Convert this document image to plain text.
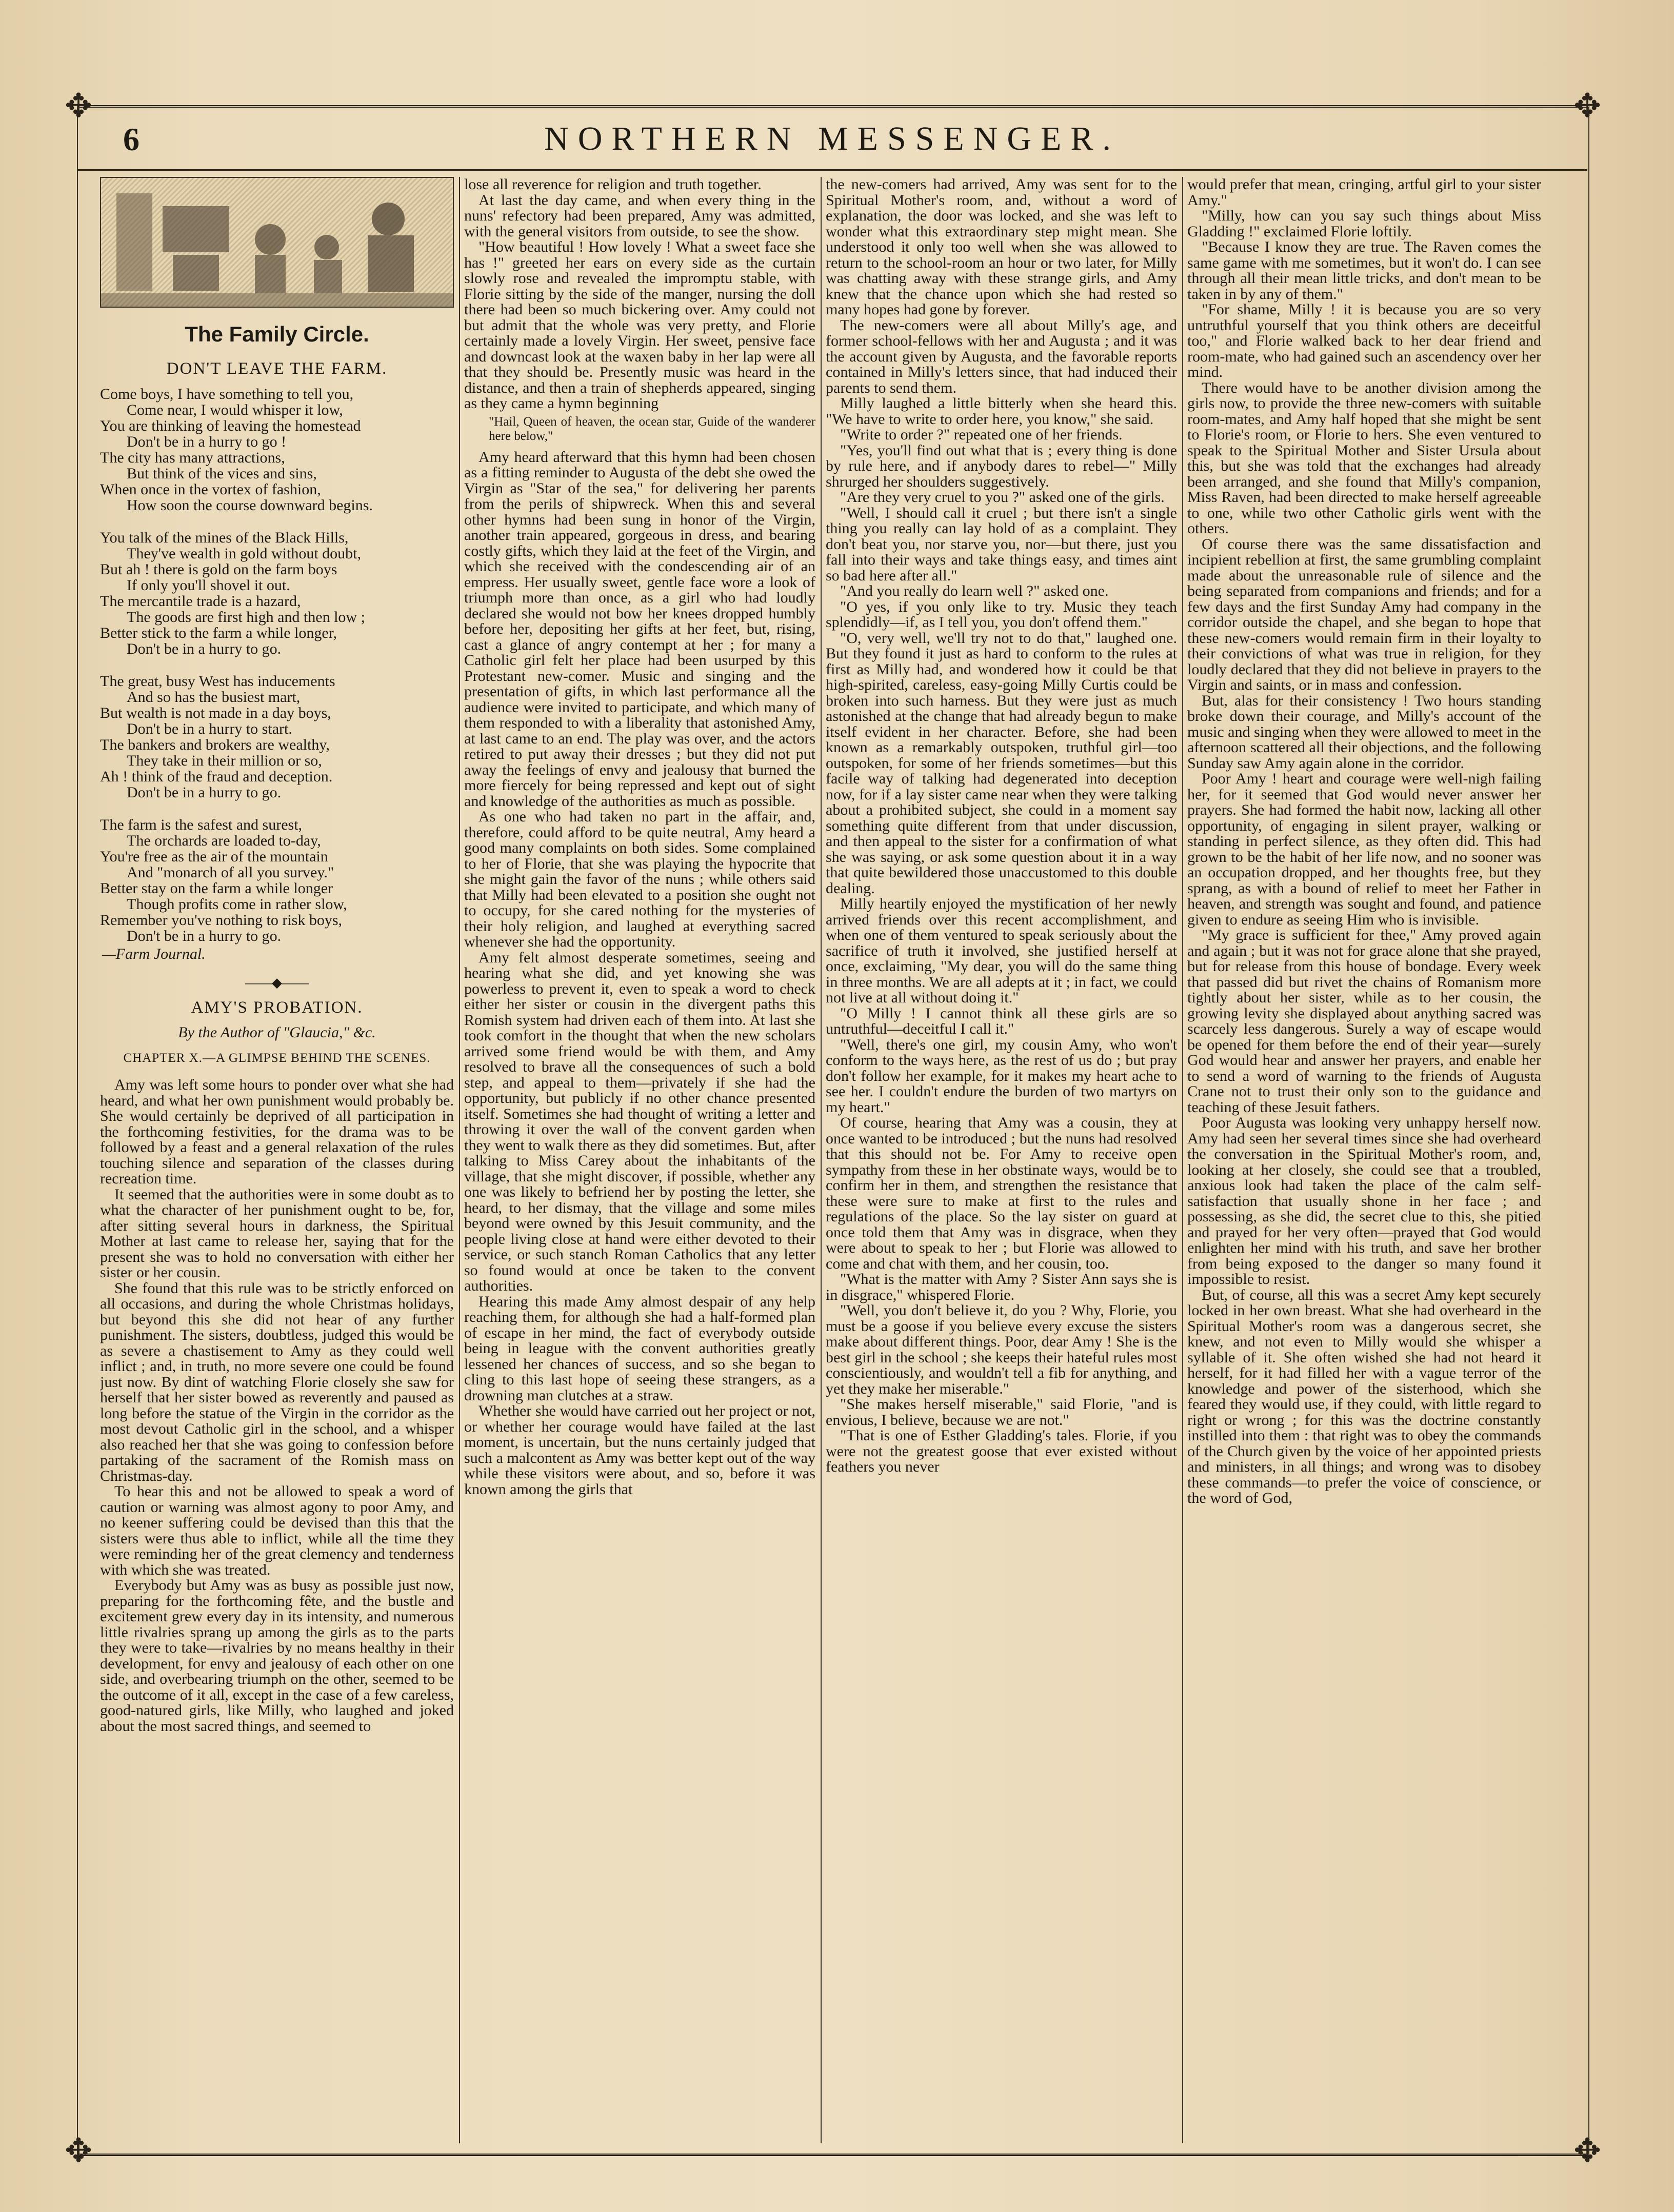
✥	✥
✥	✥
6	NORTHERN MESSENGER.
The Family Circle.
DON'T LEAVE THE FARM.
Come boys, I have something to tell you,
Come near, I would whisper it low,
You are thinking of leaving the homestead
Don't be in a hurry to go !
The city has many attractions,
But think of the vices and sins,
When once in the vortex of fashion,
How soon the course downward begins.
You talk of the mines of the Black Hills,
They've wealth in gold without doubt,
But ah ! there is gold on the farm boys
If only you'll shovel it out.
The mercantile trade is a hazard,
The goods are first high and then low ;
Better stick to the farm a while longer,
Don't be in a hurry to go.
The great, busy West has inducements
And so has the busiest mart,
But wealth is not made in a day boys,
Don't be in a hurry to start.
The bankers and brokers are wealthy,
They take in their million or so,
Ah ! think of the fraud and deception.
Don't be in a hurry to go.
The farm is the safest and surest,
The orchards are loaded to-day,
You're free as the air of the mountain
And "monarch of all you survey."
Better stay on the farm a while longer
Though profits come in rather slow,
Remember you've nothing to risk boys,
Don't be in a hurry to go.
—Farm Journal.
——◆——
AMY'S PROBATION.
By the Author of "Glaucia," &c.
CHAPTER X.—A GLIMPSE BEHIND THE SCENES.

Amy was left some hours to ponder over what she had heard, and what her own punishment would probably be. She would certainly be deprived of all participation in the forthcoming festivities, for the drama was to be followed by a feast and a general relaxation of the rules touching silence and separation of the classes during recreation time.

It seemed that the authorities were in some doubt as to what the character of her punishment ought to be, for, after sitting several hours in darkness, the Spiritual Mother at last came to release her, saying that for the present she was to hold no conversation with either her sister or her cousin.

She found that this rule was to be strictly enforced on all occasions, and during the whole Christmas holidays, but beyond this she did not hear of any further punishment. The sisters, doubtless, judged this would be as severe a chastisement to Amy as they could well inflict ; and, in truth, no more severe one could be found just now. By dint of watching Florie closely she saw for herself that her sister bowed as reverently and paused as long before the statue of the Virgin in the corridor as the most devout Catholic girl in the school, and a whisper also reached her that she was going to confession before partaking of the sacrament of the Romish mass on Christmas-day.

To hear this and not be allowed to speak a word of caution or warning was almost agony to poor Amy, and no keener suffering could be devised than this that the sisters were thus able to inflict, while all the time they were reminding her of the great clemency and tenderness with which she was treated.

Everybody but Amy was as busy as possible just now, preparing for the forthcoming fête, and the bustle and excitement grew every day in its intensity, and numerous little rivalries sprang up among the girls as to the parts they were to take—rivalries by no means healthy in their development, for envy and jealousy of each other on one side, and overbearing triumph on the other, seemed to be the outcome of it all, except in the case of a few careless, good-natured girls, like Milly, who laughed and joked about the most sacred things, and seemed to

lose all reverence for religion and truth together.

At last the day came, and when every thing in the nuns' refectory had been prepared, Amy was admitted, with the general visitors from outside, to see the show.

"How beautiful ! How lovely ! What a sweet face she has !" greeted her ears on every side as the curtain slowly rose and revealed the impromptu stable, with Florie sitting by the side of the manger, nursing the doll there had been so much bickering over. Amy could not but admit that the whole was very pretty, and Florie certainly made a lovely Virgin. Her sweet, pensive face and downcast look at the waxen baby in her lap were all that they should be. Presently music was heard in the distance, and then a train of shepherds appeared, singing as they came a hymn beginning

"Hail, Queen of heaven, the ocean star, Guide of the wanderer here below,"

Amy heard afterward that this hymn had been chosen as a fitting reminder to Augusta of the debt she owed the Virgin as "Star of the sea," for delivering her parents from the perils of shipwreck. When this and several other hymns had been sung in honor of the Virgin, another train appeared, gorgeous in dress, and bearing costly gifts, which they laid at the feet of the Virgin, and which she received with the condescending air of an empress. Her usually sweet, gentle face wore a look of triumph more than once, as a girl who had loudly declared she would not bow her knees dropped humbly before her, depositing her gifts at her feet, but, rising, cast a glance of angry contempt at her ; for many a Catholic girl felt her place had been usurped by this Protestant new-comer. Music and singing and the presentation of gifts, in which last performance all the audience were invited to participate, and which many of them responded to with a liberality that astonished Amy, at last came to an end. The play was over, and the actors retired to put away their dresses ; but they did not put away the feelings of envy and jealousy that burned the more fiercely for being repressed and kept out of sight and knowledge of the authorities as much as possible.

As one who had taken no part in the affair, and, therefore, could afford to be quite neutral, Amy heard a good many complaints on both sides. Some complained to her of Florie, that she was playing the hypocrite that she might gain the favor of the nuns ; while others said that Milly had been elevated to a position she ought not to occupy, for she cared nothing for the mysteries of their holy religion, and laughed at everything sacred whenever she had the opportunity.

Amy felt almost desperate sometimes, seeing and hearing what she did, and yet knowing she was powerless to prevent it, even to speak a word to check either her sister or cousin in the divergent paths this Romish system had driven each of them into. At last she took comfort in the thought that when the new scholars arrived some friend would be with them, and Amy resolved to brave all the consequences of such a bold step, and appeal to them—privately if she had the opportunity, but publicly if no other chance presented itself. Sometimes she had thought of writing a letter and throwing it over the wall of the convent garden when they went to walk there as they did sometimes. But, after talking to Miss Carey about the inhabitants of the village, that she might discover, if possible, whether any one was likely to befriend her by posting the letter, she heard, to her dismay, that the village and some miles beyond were owned by this Jesuit community, and the people living close at hand were either devoted to their service, or such stanch Roman Catholics that any letter so found would at once be taken to the convent authorities.

Hearing this made Amy almost despair of any help reaching them, for although she had a half-formed plan of escape in her mind, the fact of everybody outside being in league with the convent authorities greatly lessened her chances of success, and so she began to cling to this last hope of seeing these strangers, as a drowning man clutches at a straw.

Whether she would have carried out her project or not, or whether her courage would have failed at the last moment, is uncertain, but the nuns certainly judged that such a malcontent as Amy was better kept out of the way while these visitors were about, and so, before it was known among the girls that

the new-comers had arrived, Amy was sent for to the Spiritual Mother's room, and, without a word of explanation, the door was locked, and she was left to wonder what this extraordinary step might mean. She understood it only too well when she was allowed to return to the school-room an hour or two later, for Milly was chatting away with these strange girls, and Amy knew that the chance upon which she had rested so many hopes had gone by forever.

The new-comers were all about Milly's age, and former school-fellows with her and Augusta ; and it was the account given by Augusta, and the favorable reports contained in Milly's letters since, that had induced their parents to send them.

Milly laughed a little bitterly when she heard this. "We have to write to order here, you know," she said.

"Write to order ?" repeated one of her friends.

"Yes, you'll find out what that is ; every thing is done by rule here, and if anybody dares to rebel—" Milly shrurged her shoulders suggestively.

"Are they very cruel to you ?" asked one of the girls.

"Well, I should call it cruel ; but there isn't a single thing you really can lay hold of as a complaint. They don't beat you, nor starve you, nor—but there, just you fall into their ways and take things easy, and times aint so bad here after all."

"And you really do learn well ?" asked one.

"O yes, if you only like to try. Music they teach splendidly—if, as I tell you, you don't offend them."

"O, very well, we'll try not to do that," laughed one. But they found it just as hard to conform to the rules at first as Milly had, and wondered how it could be that high-spirited, careless, easy-going Milly Curtis could be broken into such harness. But they were just as much astonished at the change that had already begun to make itself evident in her character. Before, she had been known as a remarkably outspoken, truthful girl—too outspoken, for some of her friends sometimes—but this facile way of talking had degenerated into deception now, for if a lay sister came near when they were talking about a prohibited subject, she could in a moment say something quite different from that under discussion, and then appeal to the sister for a confirmation of what she was saying, or ask some question about it in a way that quite bewildered those unaccustomed to this double dealing.

Milly heartily enjoyed the mystification of her newly arrived friends over this recent accomplishment, and when one of them ventured to speak seriously about the sacrifice of truth it involved, she justified herself at once, exclaiming, "My dear, you will do the same thing in three months. We are all adepts at it ; in fact, we could not live at all without doing it."

"O Milly ! I cannot think all these girls are so untruthful—deceitful I call it."

"Well, there's one girl, my cousin Amy, who won't conform to the ways here, as the rest of us do ; but pray don't follow her example, for it makes my heart ache to see her. I couldn't endure the burden of two martyrs on my heart."

Of course, hearing that Amy was a cousin, they at once wanted to be introduced ; but the nuns had resolved that this should not be. For Amy to receive open sympathy from these in her obstinate ways, would be to confirm her in them, and strengthen the resistance that these were sure to make at first to the rules and regulations of the place. So the lay sister on guard at once told them that Amy was in disgrace, when they were about to speak to her ; but Florie was allowed to come and chat with them, and her cousin, too.

"What is the matter with Amy ? Sister Ann says she is in disgrace," whispered Florie.

"Well, you don't believe it, do you ? Why, Florie, you must be a goose if you believe every excuse the sisters make about different things. Poor, dear Amy ! She is the best girl in the school ; she keeps their hateful rules most conscientiously, and wouldn't tell a fib for anything, and yet they make her miserable."

"She makes herself miserable," said Florie, "and is envious, I believe, because we are not."

"That is one of Esther Gladding's tales. Florie, if you were not the greatest goose that ever existed without feathers you never

would prefer that mean, cringing, artful girl to your sister Amy."

"Milly, how can you say such things about Miss Gladding !" exclaimed Florie loftily.

"Because I know they are true. The Raven comes the same game with me sometimes, but it won't do. I can see through all their mean little tricks, and don't mean to be taken in by any of them."

"For shame, Milly ! it is because you are so very untruthful yourself that you think others are deceitful too," and Florie walked back to her dear friend and room-mate, who had gained such an ascendency over her mind.

There would have to be another division among the girls now, to provide the three new-comers with suitable room-mates, and Amy half hoped that she might be sent to Florie's room, or Florie to hers. She even ventured to speak to the Spiritual Mother and Sister Ursula about this, but she was told that the exchanges had already been arranged, and she found that Milly's companion, Miss Raven, had been directed to make herself agreeable to one, while two other Catholic girls went with the others.

Of course there was the same dissatisfaction and incipient rebellion at first, the same grumbling complaint made about the unreasonable rule of silence and the being separated from companions and friends; and for a few days and the first Sunday Amy had company in the corridor outside the chapel, and she began to hope that these new-comers would remain firm in their loyalty to their convictions of what was true in religion, for they loudly declared that they did not believe in prayers to the Virgin and saints, or in mass and confession.

But, alas for their consistency ! Two hours standing broke down their courage, and Milly's account of the music and singing when they were allowed to meet in the afternoon scattered all their objections, and the following Sunday saw Amy again alone in the corridor.

Poor Amy ! heart and courage were well-nigh failing her, for it seemed that God would never answer her prayers. She had formed the habit now, lacking all other opportunity, of engaging in silent prayer, walking or standing in perfect silence, as they often did. This had grown to be the habit of her life now, and no sooner was an occupation dropped, and her thoughts free, but they sprang, as with a bound of relief to meet her Father in heaven, and strength was sought and found, and patience given to endure as seeing Him who is invisible.

"My grace is sufficient for thee," Amy proved again and again ; but it was not for grace alone that she prayed, but for release from this house of bondage. Every week that passed did but rivet the chains of Romanism more tightly about her sister, while as to her cousin, the growing levity she displayed about anything sacred was scarcely less dangerous. Surely a way of escape would be opened for them before the end of their year—surely God would hear and answer her prayers, and enable her to send a word of warning to the friends of Augusta Crane not to trust their only son to the guidance and teaching of these Jesuit fathers.

Poor Augusta was looking very unhappy herself now. Amy had seen her several times since she had overheard the conversation in the Spiritual Mother's room, and, looking at her closely, she could see that a troubled, anxious look had taken the place of the calm self-satisfaction that usually shone in her face ; and possessing, as she did, the secret clue to this, she pitied and prayed for her very often—prayed that God would enlighten her mind with his truth, and save her brother from being exposed to the danger so many found it impossible to resist.

But, of course, all this was a secret Amy kept securely locked in her own breast. What she had overheard in the Spiritual Mother's room was a dangerous secret, she knew, and not even to Milly would she whisper a syllable of it. She often wished she had not heard it herself, for it had filled her with a vague terror of the knowledge and power of the sisterhood, which she feared they would use, if they could, with little regard to right or wrong ; for this was the doctrine constantly instilled into them : that right was to obey the commands of the Church given by the voice of her appointed priests and ministers, in all things; and wrong was to disobey these commands—to prefer the voice of conscience, or the word of God,
